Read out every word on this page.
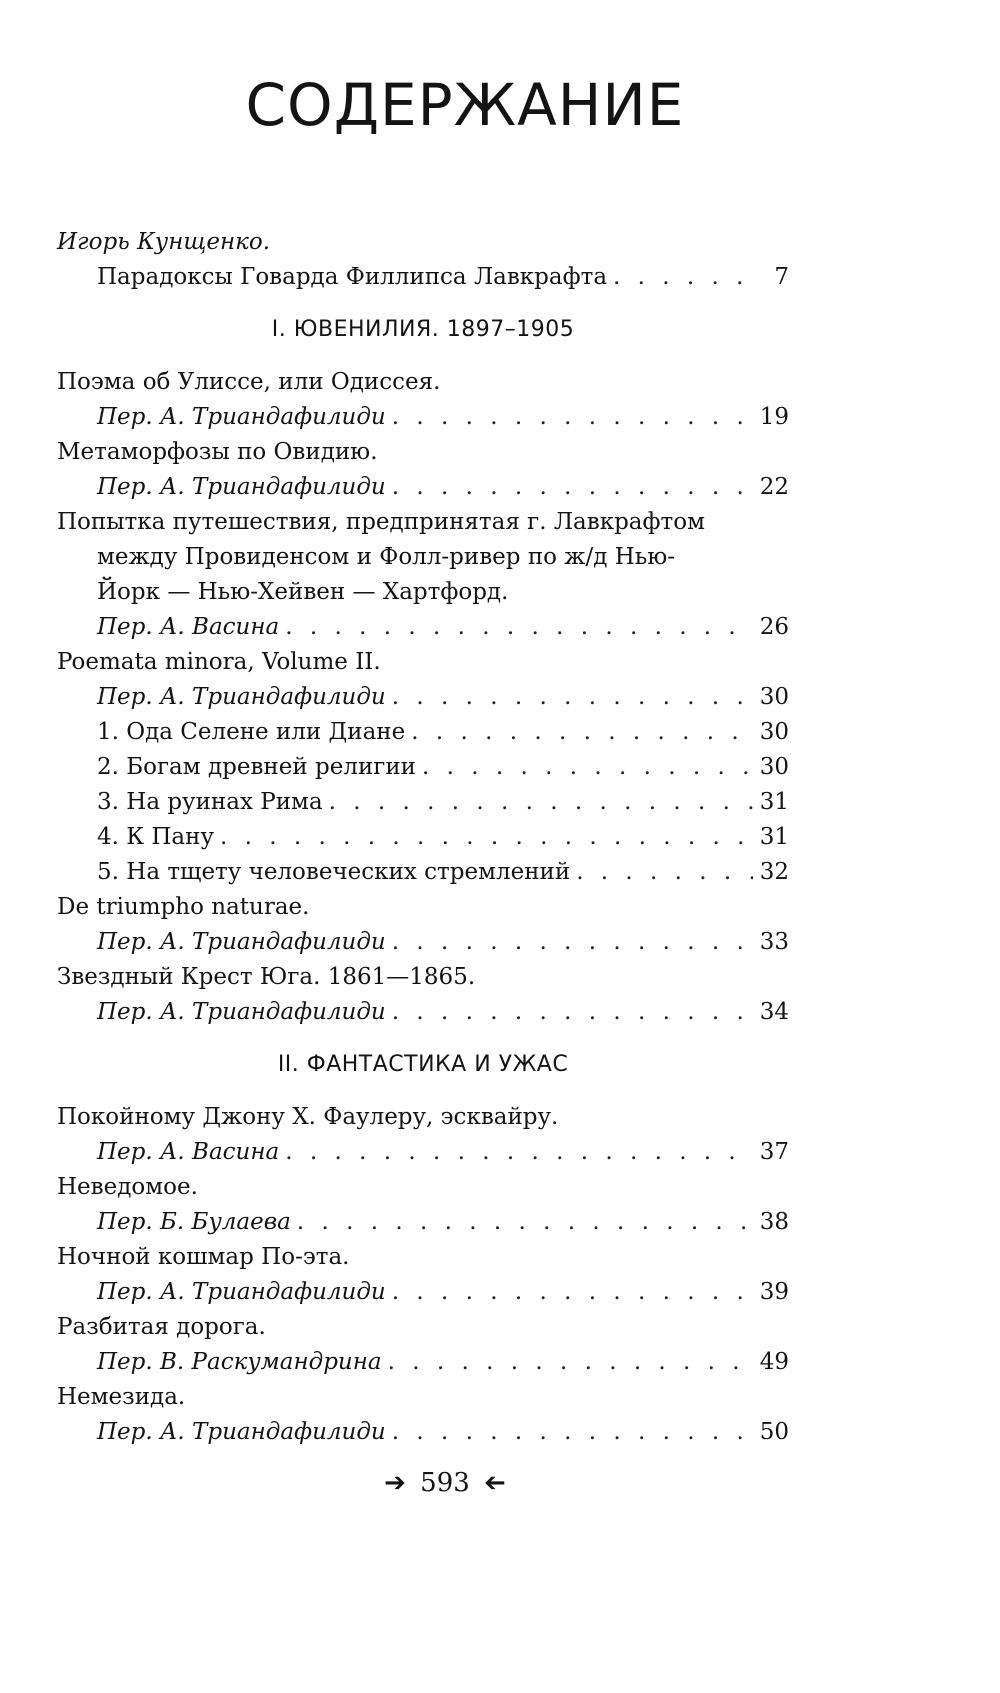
СОДЕРЖАНИЕ
Игорь Кунщенко.
Парадоксы Говарда Филлипса Лавкрафта . . .	7
I. ЮВЕНИЛИЯ. 1897–1905
Поэма об Улиссе, или Одиссея.
Пер. А. Триандафилиди . . .	19
Метаморфозы по Овидию.
Пер. А. Триандафилиди . . .	22
Попытка путешествия, предпринятая г. Лавкрафтом
между Провиденсом и Фолл-ривер по ж/д Нью-
Йорк — Нью-Хейвен — Хартфорд.
Пер. А. Васина . . .	26
Poemata minora, Volume II.
Пер. А. Триандафилиди . . .	30
1. Ода Селене или Диане . . .	30
2. Богам древней религии . . .	30
3. На руинах Рима . . .	31
4. К Пану . . .	31
5. На тщету человеческих стремлений . . .	32
De triumpho naturae.
Пер. А. Триандафилиди . . .	33
Звездный Крест Юга. 1861—1865.
Пер. А. Триандафилиди . . .	34
II. ФАНТАСТИКА И УЖАС
Покойному Джону Х. Фаулеру, эсквайру.
Пер. А. Васина . . .	37
Неведомое.
Пер. Б. Булаева . . .	38
Ночной кошмар По-эта.
Пер. А. Триандафилиди . . .	39
Разбитая дорога.
Пер. В. Раскумандрина . . .	49
Немезида.
Пер. А. Триандафилиди . . .	50
➔ 593 ➔
